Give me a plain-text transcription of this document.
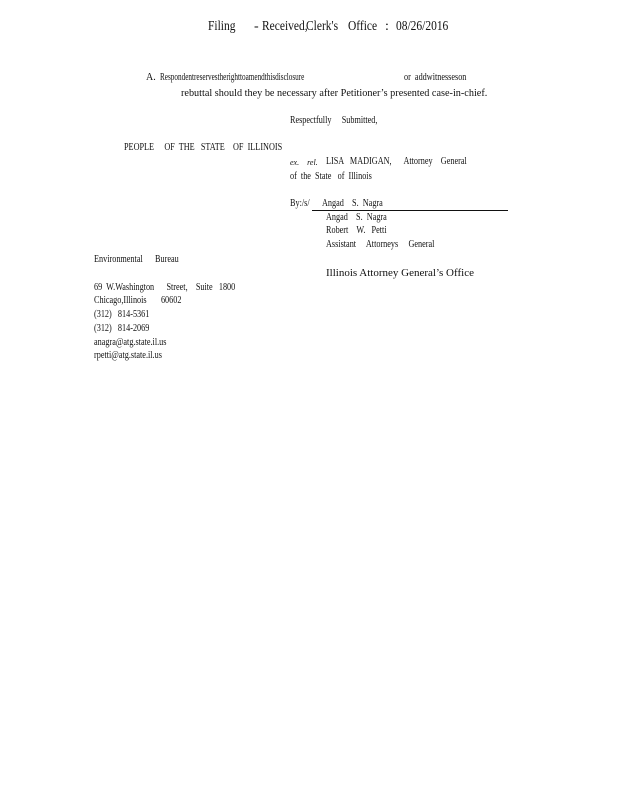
Filing - Received,
Clerk's Office : 08/26/2016
A. Respondentreservestherighttoamendthisdisclosure	or  addwitnesseson
rebuttal should they be necessary after Petitioner’s presented case-in-chief.
Respectfully     Submitted,
PEOPLE     OF  THE   STATE    OF  ILLINOIS
ex.    rel. LISA   MADIGAN,      Attorney    General
of  the  State   of  Illinois
By:/s/ Angad    S.  Nagra
Angad    S.  Nagra
Robert    W.   Petti
Assistant     Attorneys     General
Illinois Attorney General’s Office
Environmental      Bureau
69  W.Washington      Street,    Suite   1800
Chicago,Illinois       60602
(312)   814-5361
(312)   814-2069
anagra@atg.state.il.us
rpetti@atg.state.il.us
